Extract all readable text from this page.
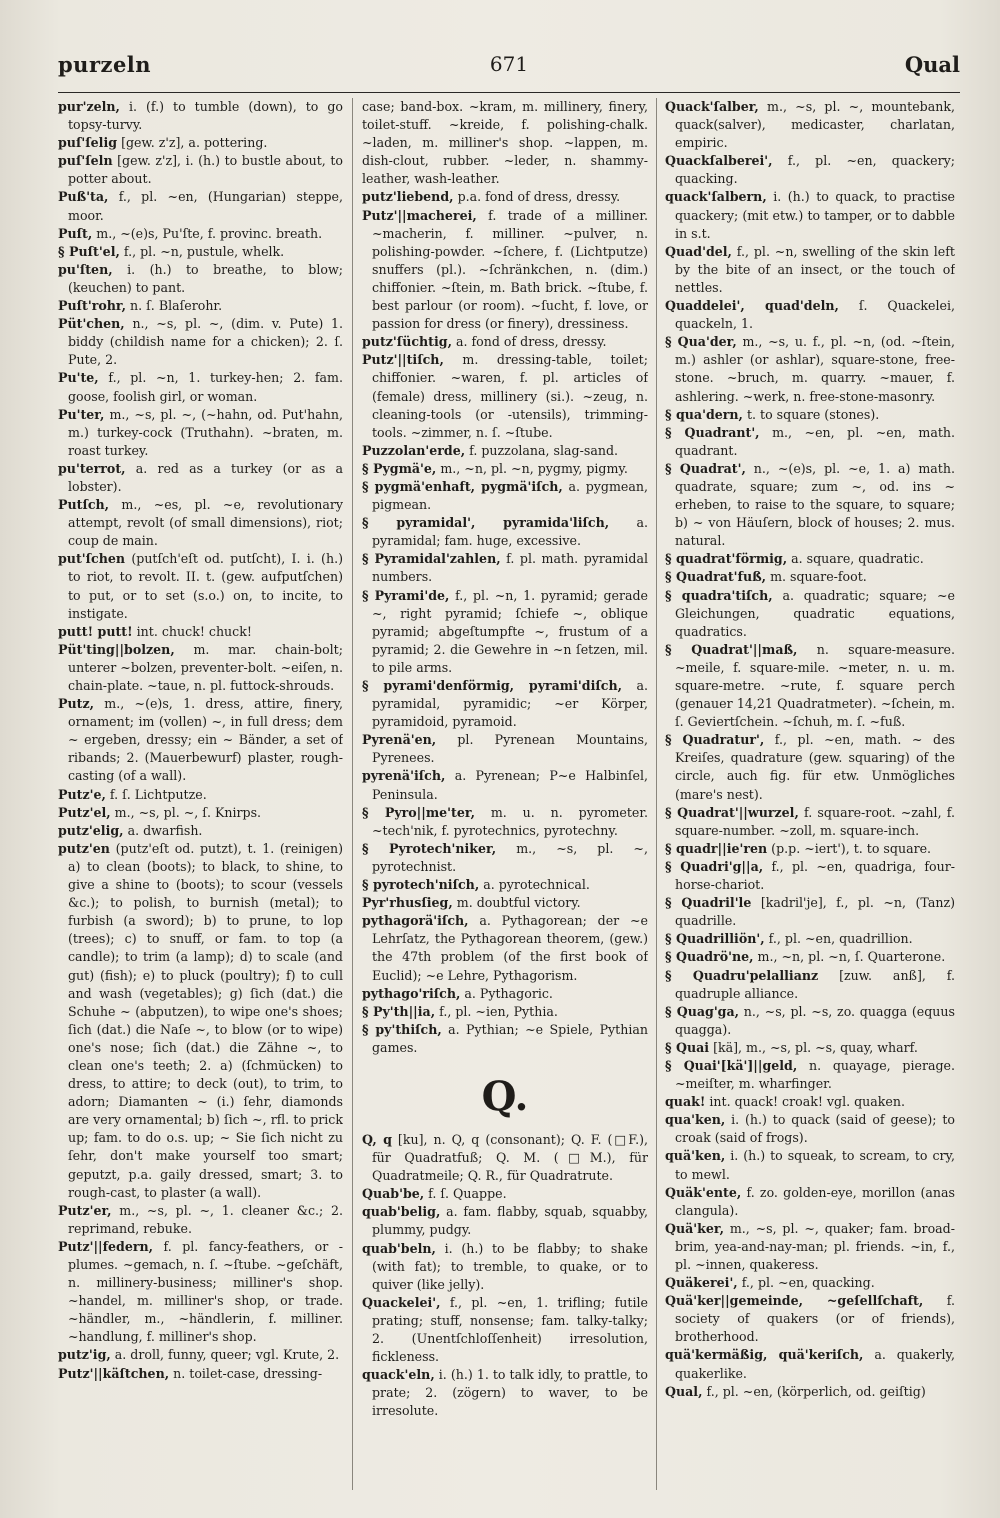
purzeln	671	Qual

pur'zeln, i. (f.) to tumble (down), to go topsy-turvy.

puſ'ſelig [gew. z'z], a. pottering.

puſ'ſeln [gew. z'z], i. (h.) to bustle about, to potter about.

Puß'ta, f., pl. ~en, (Hungarian) steppe, moor.

Puſt, m., ~(e)s, Pu'ſte, f. provinc. breath.

§ Puſt'el, f., pl. ~n, pustule, whelk.

pu'ſten, i. (h.) to breathe, to blow; (keuchen) to pant.

Puſt'rohr, n. ſ. Blaſerohr.

Püt'chen, n., ~s, pl. ~, (dim. v. Pute) 1. biddy (childish name for a chicken); 2. ſ. Pute, 2.

Pu'te, f., pl. ~n, 1. turkey-hen; 2. fam. goose, foolish girl, or woman.

Pu'ter, m., ~s, pl. ~, (~hahn, od. Put'hahn, m.) turkey-cock (Truthahn). ~braten, m. roast turkey.

pu'terrot, a. red as a turkey (or as a lobster).

Putſch, m., ~es, pl. ~e, revolutionary attempt, revolt (of small dimensions), riot; coup de main.

put'ſchen (putſch'eſt od. putſcht), I. i. (h.) to riot, to revolt. II. t. (gew. aufputſchen) to put, or to set (s.o.) on, to incite, to instigate.

putt! putt! int. chuck! chuck!

Püt'ting||bolzen, m. mar. chain-bolt; unterer ~bolzen, preventer-bolt. ~eiſen, n. chain-plate. ~taue, n. pl. futtock-shrouds.

Putz, m., ~(e)s, 1. dress, attire, finery, ornament; im (vollen) ~, in full dress; dem ~ ergeben, dressy; ein ~ Bänder, a set of ribands; 2. (Mauerbewurf) plaster, rough-casting (of a wall).

Putz'e, f. ſ. Lichtputze.

Putz'el, m., ~s, pl. ~, ſ. Knirps.

putz'elig, a. dwarfish.

putz'en (putz'eſt od. putzt), t. 1. (reinigen) a) to clean (boots); to black, to shine, to give a shine to (boots); to scour (vessels &c.); to polish, to burnish (metal); to furbish (a sword); b) to prune, to lop (trees); c) to snuff, or fam. to top (a candle); to trim (a lamp); d) to scale (and gut) (fish); e) to pluck (poultry); f) to cull and wash (vegetables); g) ſich (dat.) die Schuhe ~ (abputzen), to wipe one's shoes; ſich (dat.) die Naſe ~, to blow (or to wipe) one's nose; ſich (dat.) die Zähne ~, to clean one's teeth; 2. a) (ſchmücken) to dress, to attire; to deck (out), to trim, to adorn; Diamanten ~ (i.) ſehr, diamonds are very ornamental; b) ſich ~, rfl. to prick up; fam. to do o.s. up; ~ Sie ſich nicht zu ſehr, don't make yourself too smart; geputzt, p.a. gaily dressed, smart; 3. to rough-cast, to plaster (a wall).

Putz'er, m., ~s, pl. ~, 1. cleaner &c.; 2. reprimand, rebuke.

Putz'||federn, f. pl. fancy-feathers, or -plumes. ~gemach, n. ſ. ~ſtube. ~geſchäft, n. millinery-business; milliner's shop. ~handel, m. milliner's shop, or trade. ~händler, m., ~händlerin, f. milliner. ~handlung, f. milliner's shop.

putz'ig, a. droll, funny, queer; vgl. Krute, 2.

Putz'||käſtchen, n. toilet-case, dressing-

case; band-box. ~kram, m. millinery, finery, toilet-stuff. ~kreide, f. polishing-chalk. ~laden, m. milliner's shop. ~lappen, m. dish-clout, rubber. ~leder, n. shammy-leather, wash-leather.

putz'liebend, p.a. fond of dress, dressy.

Putz'||macherei, f. trade of a milliner. ~macherin, f. milliner. ~pulver, n. polishing-powder. ~ſchere, f. (Lichtputze) snuffers (pl.). ~ſchränkchen, n. (dim.) chiffonier. ~ſtein, m. Bath brick. ~ſtube, f. best parlour (or room). ~ſucht, f. love, or passion for dress (or finery), dressiness.

putz'ſüchtig, a. fond of dress, dressy.

Putz'||tiſch, m. dressing-table, toilet; chiffonier. ~waren, f. pl. articles of (female) dress, millinery (si.). ~zeug, n. cleaning-tools (or -utensils), trimming-tools. ~zimmer, n. ſ. ~ſtube.

Puzzolan'erde, f. puzzolana, slag-sand.

§ Pygmä'e, m., ~n, pl. ~n, pygmy, pigmy.

§ pygmä'enhaft, pygmä'iſch, a. pygmean, pigmean.

§ pyramidal', pyramida'liſch, a. pyramidal; fam. huge, excessive.

§ Pyramidal'zahlen, f. pl. math. pyramidal numbers.

§ Pyrami'de, f., pl. ~n, 1. pyramid; gerade ~, right pyramid; ſchiefe ~, oblique pyramid; abgeſtumpfte ~, frustum of a pyramid; 2. die Gewehre in ~n ſetzen, mil. to pile arms.

§ pyrami'denförmig, pyrami'diſch, a. pyramidal, pyramidic; ~er Körper, pyramidoid, pyramoid.

Pyrenä'en, pl. Pyrenean Mountains, Pyrenees.

pyrenä'iſch, a. Pyrenean; P~e Halbinſel, Peninsula.

§ Pyro||me'ter, m. u. n. pyrometer. ~tech'nik, f. pyrotechnics, pyrotechny.

§ Pyrotech'niker, m., ~s, pl. ~, pyrotechnist.

§ pyrotech'niſch, a. pyrotechnical.

Pyr'rhusſieg, m. doubtful victory.

pythagorä'iſch, a. Pythagorean; der ~e Lehrſatz, the Pythagorean theorem, (gew.) the 47th problem (of the first book of Euclid); ~e Lehre, Pythagorism.

pythago'riſch, a. Pythagoric.

§ Py'th||ia, f., pl. ~ien, Pythia.

§ py'thiſch, a. Pythian; ~e Spiele, Pythian games.

Q.

Q, q [ku], n. Q, q (consonant); Q. F. (□F.), für Quadratfuß; Q. M. (□M.), für Quadratmeile; Q. R., für Quadratrute.

Quab'be, f. ſ. Quappe.

quab'belig, a. fam. flabby, squab, squabby, plummy, pudgy.

quab'beln, i. (h.) to be flabby; to shake (with fat); to tremble, to quake, or to quiver (like jelly).

Quackelei', f., pl. ~en, 1. trifling; futile prating; stuff, nonsense; fam. talky-talky; 2. (Unentſchloſſenheit) irresolution, fickleness.

quack'eln, i. (h.) 1. to talk idly, to prattle, to prate; 2. (zögern) to waver, to be irresolute.

Quack'ſalber, m., ~s, pl. ~, mountebank, quack(salver), medicaster, charlatan, empiric.

Quackſalberei', f., pl. ~en, quackery; quacking.

quack'ſalbern, i. (h.) to quack, to practise quackery; (mit etw.) to tamper, or to dabble in s.t.

Quad'del, f., pl. ~n, swelling of the skin left by the bite of an insect, or the touch of nettles.

Quaddelei', quad'deln, ſ. Quackelei, quackeln, 1.

§ Qua'der, m., ~s, u. f., pl. ~n, (od. ~ſtein, m.) ashler (or ashlar), square-stone, free-stone. ~bruch, m. quarry. ~mauer, f. ashlering. ~werk, n. free-stone-masonry.

§ qua'dern, t. to square (stones).

§ Quadrant', m., ~en, pl. ~en, math. quadrant.

§ Quadrat', n., ~(e)s, pl. ~e, 1. a) math. quadrate, square; zum ~, od. ins ~ erheben, to raise to the square, to square; b) ~ von Häuſern, block of houses; 2. mus. natural.

§ quadrat'förmig, a. square, quadratic.

§ Quadrat'fuß, m. square-foot.

§ quadra'tiſch, a. quadratic; square; ~e Gleichungen, quadratic equations, quadratics.

§ Quadrat'||maß, n. square-measure. ~meile, f. square-mile. ~meter, n. u. m. square-metre. ~rute, f. square perch (genauer 14,21 Quadratmeter). ~ſchein, m. ſ. Geviertſchein. ~ſchuh, m. ſ. ~fuß.

§ Quadratur', f., pl. ~en, math. ~ des Kreiſes, quadrature (gew. squaring) of the circle, auch fig. für etw. Unmögliches (mare's nest).

§ Quadrat'||wurzel, f. square-root. ~zahl, f. square-number. ~zoll, m. square-inch.

§ quadr||ie'ren (p.p. ~iert'), t. to square.

§ Quadri'g||a, f., pl. ~en, quadriga, four-horse-chariot.

§ Quadril'le [kadril'je], f., pl. ~n, (Tanz) quadrille.

§ Quadrilliön', f., pl. ~en, quadrillion.

§ Quadrö'ne, m., ~n, pl. ~n, ſ. Quarterone.

§ Quadru'pelallianz [zuw. anß], f. quadruple alliance.

§ Quag'ga, n., ~s, pl. ~s, zo. quagga (equus quagga).

§ Quai [kä], m., ~s, pl. ~s, quay, wharf.

§ Quai'[kä']||geld, n. quayage, pierage. ~meiſter, m. wharfinger.

quak! int. quack! croak! vgl. quaken.

qua'ken, i. (h.) to quack (said of geese); to croak (said of frogs).

quä'ken, i. (h.) to squeak, to scream, to cry, to mewl.

Quäk'ente, f. zo. golden-eye, morillon (anas clangula).

Quä'ker, m., ~s, pl. ~, quaker; fam. broad-brim, yea-and-nay-man; pl. friends. ~in, f., pl. ~innen, quakeress.

Quäkerei', f., pl. ~en, quacking.

Quä'ker||gemeinde, ~geſellſchaft, f. society of quakers (or of friends), brotherhood.

quä'kermäßig, quä'keriſch, a. quakerly, quakerlike.

Qual, f., pl. ~en, (körperlich, od. geiſtig)
